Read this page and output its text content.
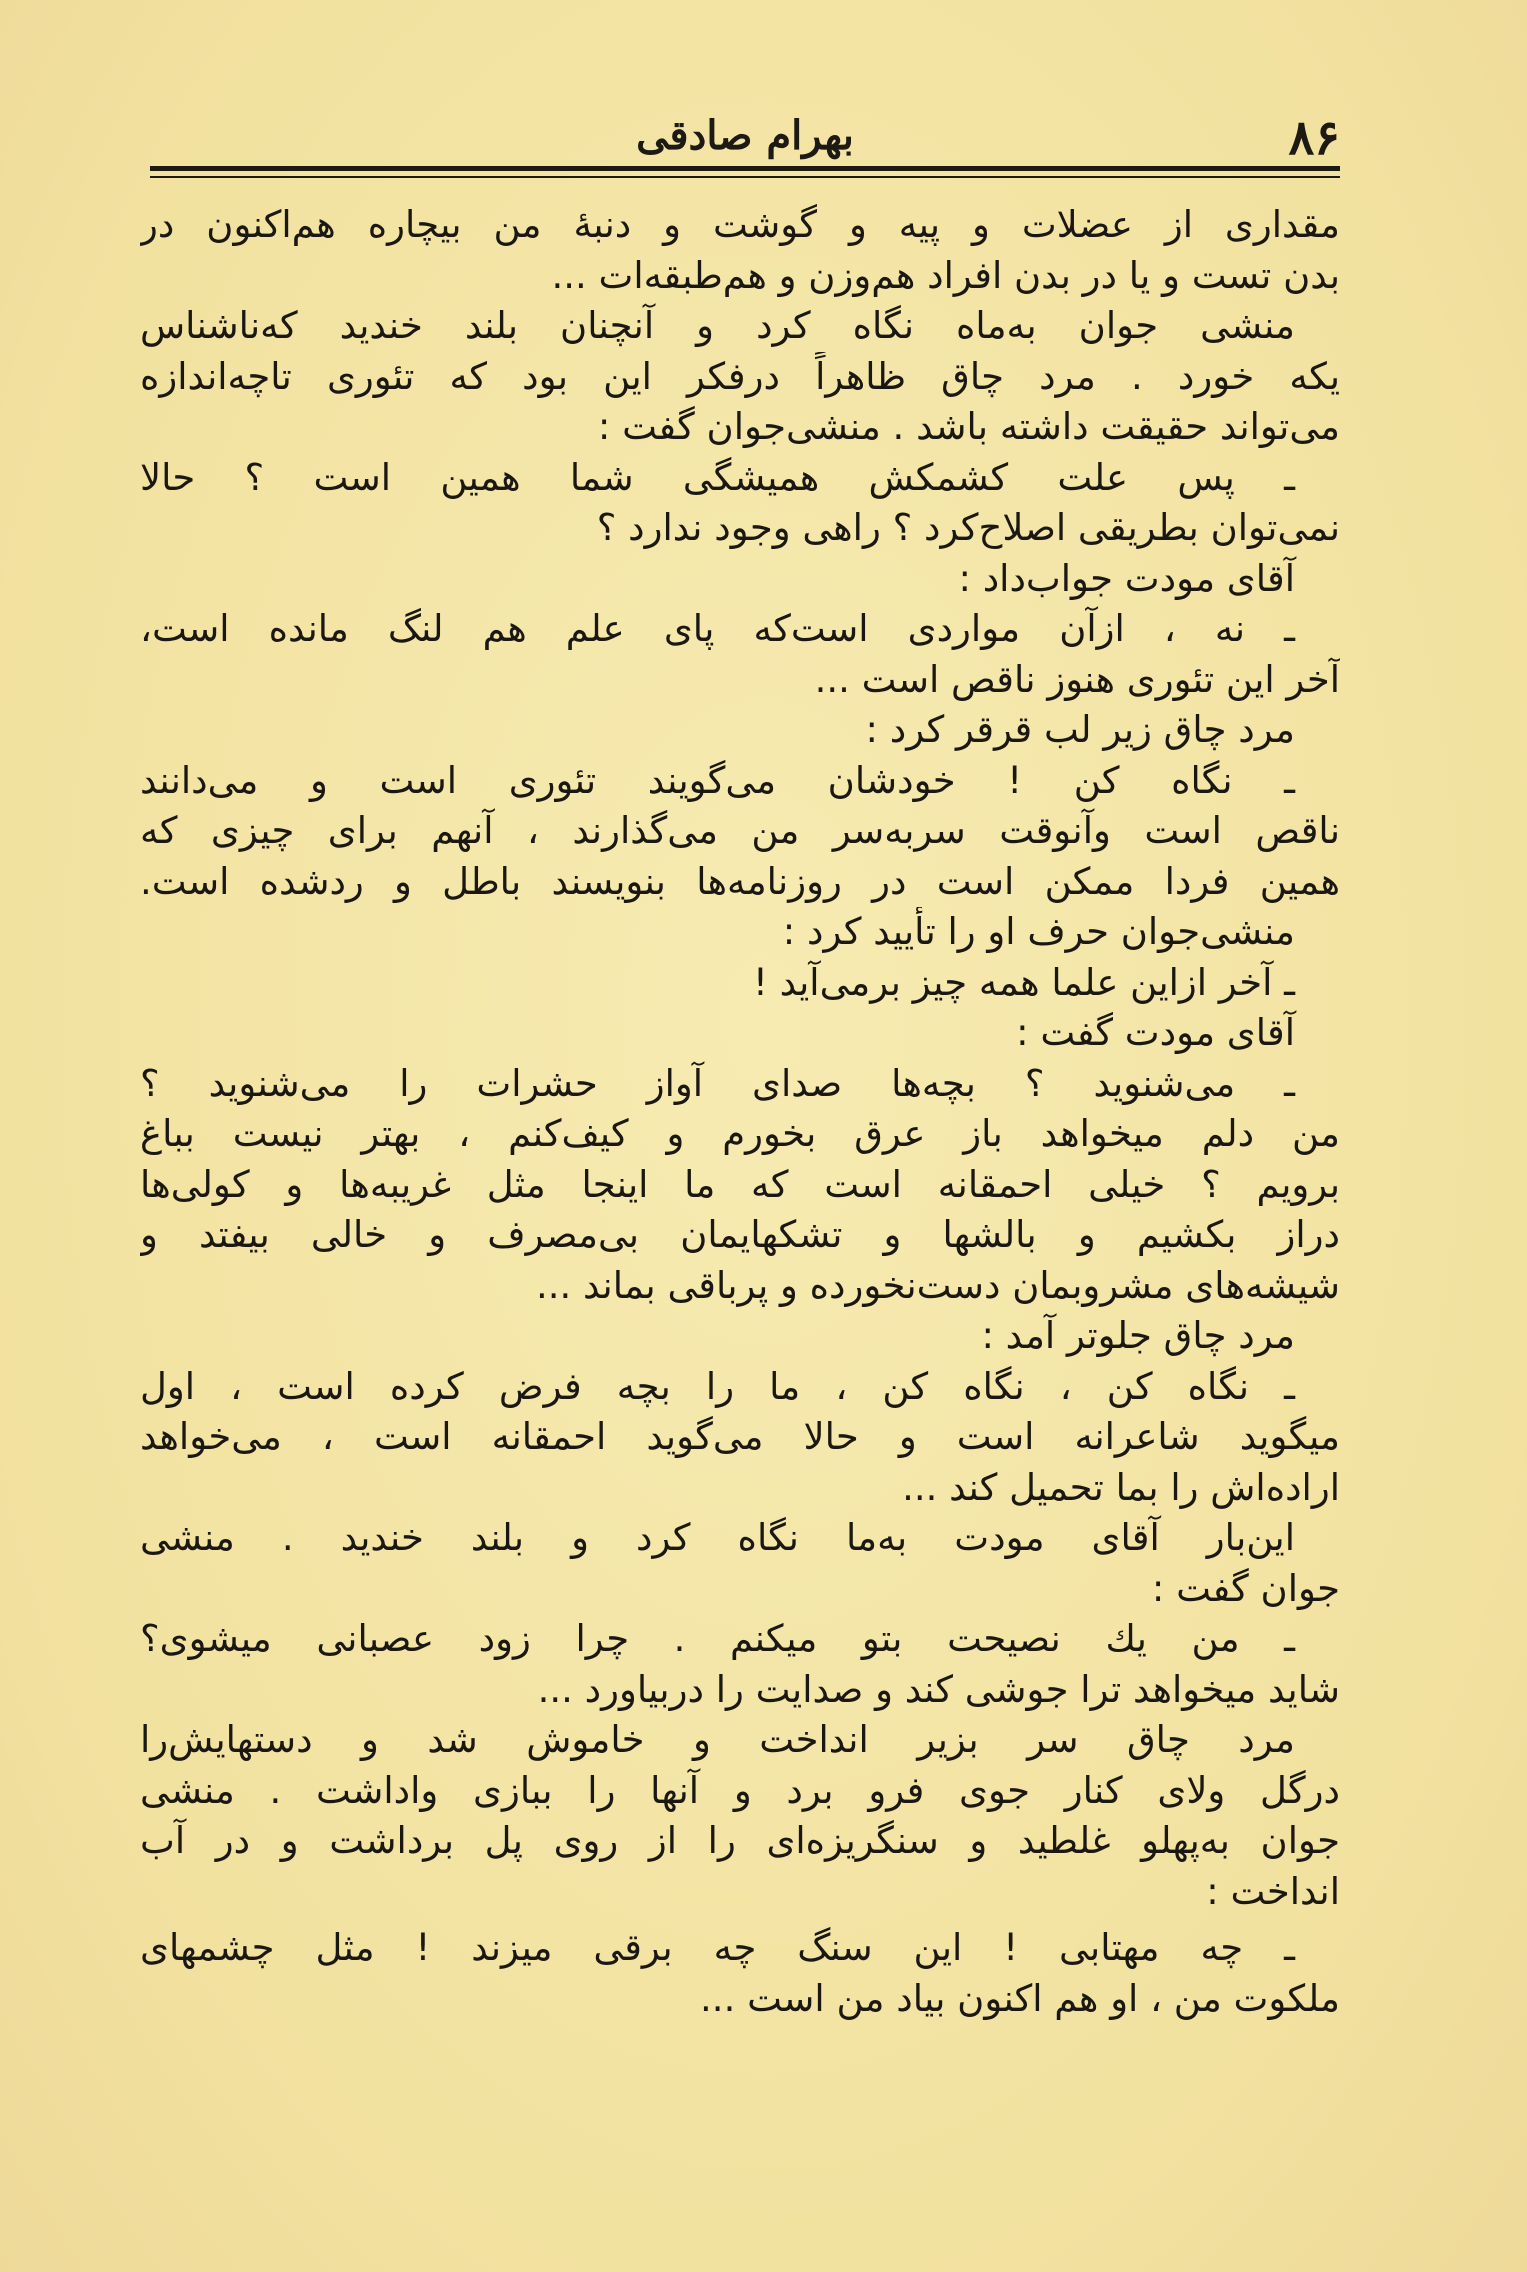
۸۶
بهرام صادقی
مقداری از عضلات و پیه و گوشت و دنبهٔ من بیچاره هم‌اکنون در
بدن تست و یا در بدن افراد هم‌وزن و هم‌طبقه‌ات ...
منشی جوان به‌ماه نگاه کرد و آنچنان بلند خندید که‌ناشناس
یکه خورد . مرد چاق ظاهراً درفکر این بود که تئوری تاچه‌اندازه
می‌تواند حقیقت داشته باشد . منشی‌جوان گفت :
ـ پس علت کشمکش همیشگی شما همین است ؟ حالا
نمی‌توان بطریقی اصلاح‌کرد ؟ راهی وجود ندارد ؟
آقای مودت جواب‌داد :
ـ نه ، ازآن مواردی است‌که پای علم هم لنگ مانده است،
آخر این تئوری هنوز ناقص است ...
مرد چاق زیر لب قرقر کرد :
ـ نگاه کن ! خودشان می‌گویند تئوری است و می‌دانند
ناقص است وآنوقت سربه‌سر من می‌گذارند ، آنهم برای چیزی که
همین فردا ممکن است در روزنامه‌ها بنویسند باطل و ردشده است.
منشی‌جوان حرف او را تأیید کرد :
ـ آخر ازاین علما همه چیز برمی‌آید !
آقای مودت گفت :
ـ می‌شنوید ؟ بچه‌ها صدای آواز حشرات را می‌شنوید ؟
من دلم میخواهد باز عرق بخورم و کیف‌کنم ، بهتر نیست بباغ
برویم ؟ خیلی احمقانه است که ما اینجا مثل غریبه‌ها و کولی‌ها
دراز بکشیم و بالشها و تشکهایمان بی‌مصرف و خالی بیفتد و
شیشه‌های مشروبمان دست‌نخورده و پرباقی بماند ...
مرد چاق جلوتر آمد :
ـ نگاه کن ، نگاه کن ، ما را بچه فرض کرده است ، اول
میگوید شاعرانه است و حالا می‌گوید احمقانه است ، می‌خواهد
اراده‌اش را بما تحمیل کند ...
این‌بار آقای مودت به‌ما نگاه کرد و بلند خندید . منشی
جوان گفت :
ـ من یك نصیحت بتو میکنم . چرا زود عصبانی میشوی؟
شاید میخواهد ترا جوشی کند و صدایت را دربیاورد ...
مرد چاق سر بزیر انداخت و خاموش شد و دستهایش‌را
درگل ولای کنار جوی فرو برد و آنها را ببازی واداشت . منشی
جوان به‌پهلو غلطید و سنگریزه‌ای را از روی پل برداشت و در آب
انداخت :
ـ چه مهتابی ! این سنگ چه برقی میزند ! مثل چشمهای
ملکوت من ، او هم اکنون بیاد من است ...
